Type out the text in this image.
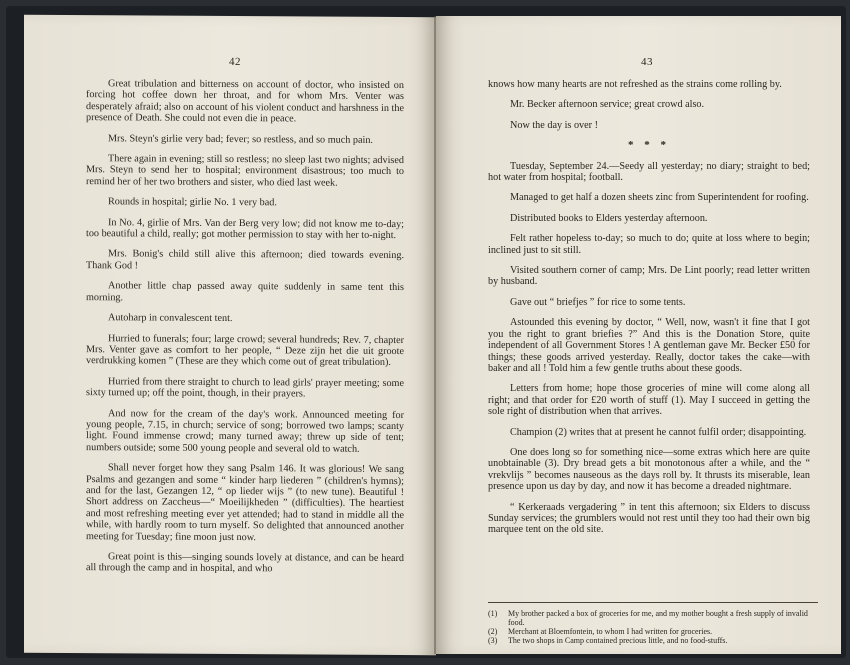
42

Great tribulation and bitterness on account of doctor, who insisted on forcing hot coffee down her throat, and for whom Mrs. Venter was desperately afraid; also on account of his violent conduct and harshness in the presence of Death. She could not even die in peace.

Mrs. Steyn's girlie very bad; fever; so restless, and so much pain.

There again in evening; still so restless; no sleep last two nights; advised Mrs. Steyn to send her to hospital; environment disastrous; too much to remind her of her two brothers and sister, who died last week.

Rounds in hospital; girlie No. 1 very bad.

In No. 4, girlie of Mrs. Van der Berg very low; did not know me to-day; too beautiful a child, really; got mother permission to stay with her to-night.

Mrs. Bonig's child still alive this afternoon; died towards evening. Thank God !

Another little chap passed away quite suddenly in same tent this morning.

Autoharp in convalescent tent.

Hurried to funerals; four; large crowd; several hundreds; Rev. 7, chapter Mrs. Venter gave as comfort to her people, “ Deze zijn het die uit groote verdrukking komen ” (These are they which come out of great tribulation).

Hurried from there straight to church to lead girls' prayer meeting; some sixty turned up; off the point, though, in their prayers.

And now for the cream of the day's work. Announced meeting for young people, 7.15, in church; service of song; borrowed two lamps; scanty light. Found immense crowd; many turned away; threw up side of tent; numbers outside; some 500 young people and several old to watch.

Shall never forget how they sang Psalm 146. It was glorious! We sang Psalms and gezangen and some “ kinder harp liederen ” (children's hymns); and for the last, Gezangen 12, “ op lieder wijs ” (to new tune). Beautiful ! Short address on Zaccheus—“ Moeilijkheden ” (difficulties). The heartiest and most refreshing meeting ever yet attended; had to stand in middle all the while, with hardly room to turn myself. So delighted that announced another meeting for Tuesday; fine moon just now.

Great point is this—singing sounds lovely at distance, and can be heard all through the camp and in hospital, and who

43

knows how many hearts are not refreshed as the strains come rolling by.

Mr. Becker afternoon service; great crowd also.

Now the day is over !

* * *

Tuesday, September 24.—Seedy all yesterday; no diary; straight to bed; hot water from hospital; football.

Managed to get half a dozen sheets zinc from Superintendent for roofing.

Distributed books to Elders yesterday afternoon.

Felt rather hopeless to-day; so much to do; quite at loss where to begin; inclined just to sit still.

Visited southern corner of camp; Mrs. De Lint poorly; read letter written by husband.

Gave out “ briefjes ” for rice to some tents.

Astounded this evening by doctor, “ Well, now, wasn't it fine that I got you the right to grant briefies ?” And this is the Donation Store, quite independent of all Government Stores ! A gentleman gave Mr. Becker £50 for things; these goods arrived yesterday. Really, doctor takes the cake—with baker and all ! Told him a few gentle truths about these goods.

Letters from home; hope those groceries of mine will come along all right; and that order for £20 worth of stuff (1). May I succeed in getting the sole right of distribution when that arrives.

Champion (2) writes that at present he cannot fulfil order; disappointing.

One does long so for something nice—some extras which here are quite unobtainable (3). Dry bread gets a bit monotonous after a while, and the “ vrekvlijs ” becomes nauseous as the days roll by. It thrusts its miserable, lean presence upon us day by day, and now it has become a dreaded nightmare.

“ Kerkeraads vergadering ” in tent this afternoon; six Elders to discuss Sunday services; the grumblers would not rest until they too had their own big marquee tent on the old site.

(1)	My brother packed a box of groceries for me, and my mother bought a fresh supply of invalid food.
(2)	Merchant at Bloemfontein, to whom I had written for groceries.
(3)	The two shops in Camp contained precious little, and no food-stuffs.
